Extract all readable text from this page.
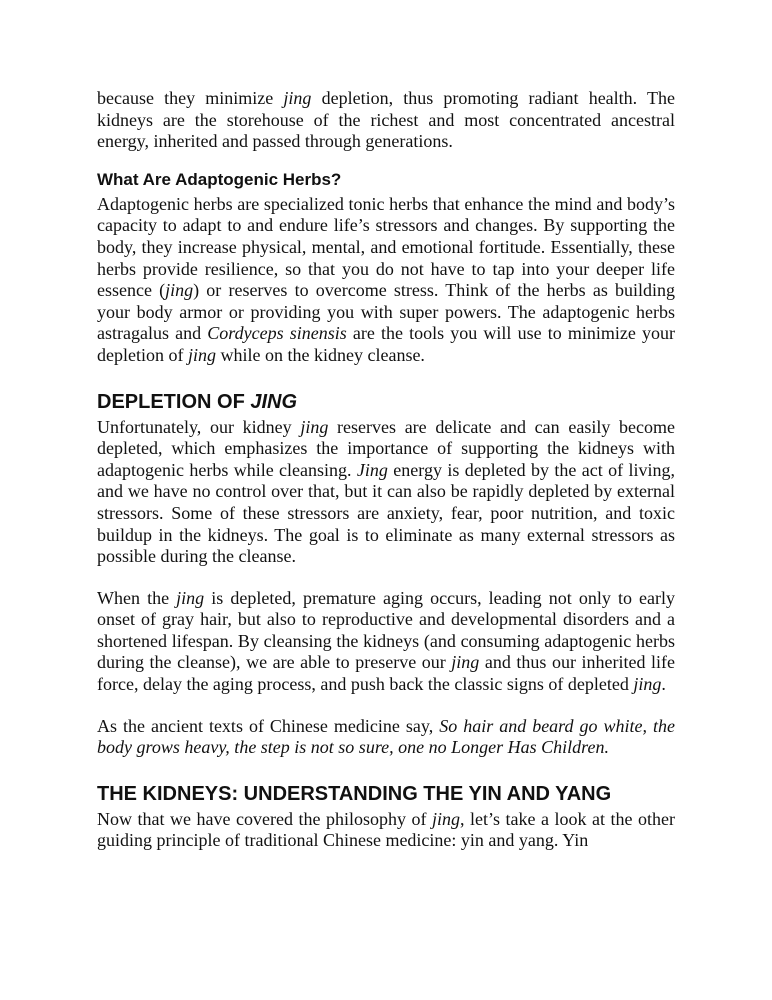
because they minimize jing depletion, thus promoting radiant health. The kidneys are the storehouse of the richest and most concentrated ancestral energy, inherited and passed through generations.

What Are Adaptogenic Herbs?

Adaptogenic herbs are specialized tonic herbs that enhance the mind and body’s capacity to adapt to and endure life’s stressors and changes. By supporting the body, they increase physical, mental, and emotional fortitude. Essentially, these herbs provide resilience, so that you do not have to tap into your deeper life essence (jing) or reserves to overcome stress. Think of the herbs as building your body armor or providing you with super powers. The adaptogenic herbs astragalus and Cordyceps sinensis are the tools you will use to minimize your depletion of jing while on the kidney cleanse.

DEPLETION OF JING

Unfortunately, our kidney jing reserves are delicate and can easily become depleted, which emphasizes the importance of supporting the kidneys with adaptogenic herbs while cleansing. Jing energy is depleted by the act of living, and we have no control over that, but it can also be rapidly depleted by external stressors. Some of these stressors are anxiety, fear, poor nutrition, and toxic buildup in the kidneys. The goal is to eliminate as many external stressors as possible during the cleanse.

When the jing is depleted, premature aging occurs, leading not only to early onset of gray hair, but also to reproductive and developmental disorders and a shortened lifespan. By cleansing the kidneys (and consuming adaptogenic herbs during the cleanse), we are able to preserve our jing and thus our inherited life force, delay the aging process, and push back the classic signs of depleted jing.

As the ancient texts of Chinese medicine say, So hair and beard go white, the body grows heavy, the step is not so sure, one no Longer Has Children.

THE KIDNEYS: UNDERSTANDING THE YIN AND YANG

Now that we have covered the philosophy of jing, let’s take a look at the other guiding principle of traditional Chinese medicine: yin and yang. Yin
